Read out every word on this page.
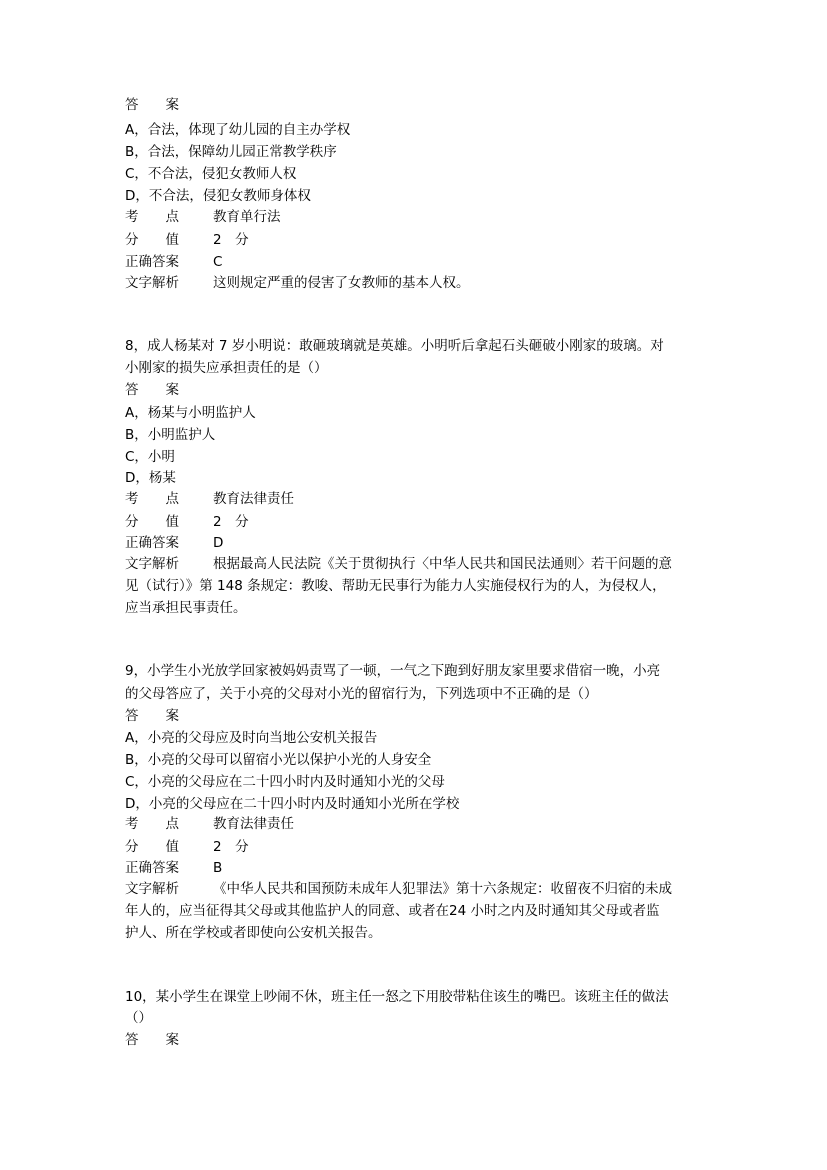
答　　案
A，合法，体现了幼儿园的自主办学权
B，合法，保障幼儿园正常教学秩序
C，不合法，侵犯女教师人权
D，不合法，侵犯女教师身体权
考　　点	教育单行法
分　　值	2　分
正确答案	C
文字解析	这则规定严重的侵害了女教师的基本人权。
8，成人杨某对 7 岁小明说：敢砸玻璃就是英雄。小明听后拿起石头砸破小刚家的玻璃。对
小刚家的损失应承担责任的是（）
答　　案
A，杨某与小明监护人
B，小明监护人
C，小明
D，杨某
考　　点	教育法律责任
分　　值	2　分
正确答案	D
文字解析	根据最高人民法院《关于贯彻执行〈中华人民共和国民法通则〉若干问题的意
见（试行）》第 148 条规定：教唆、帮助无民事行为能力人实施侵权行为的人，为侵权人，
应当承担民事责任。
9，小学生小光放学回家被妈妈责骂了一顿，一气之下跑到好朋友家里要求借宿一晚，小亮
的父母答应了，关于小亮的父母对小光的留宿行为，下列选项中不正确的是（）
答　　案
A，小亮的父母应及时向当地公安机关报告
B，小亮的父母可以留宿小光以保护小光的人身安全
C，小亮的父母应在二十四小时内及时通知小光的父母
D，小亮的父母应在二十四小时内及时通知小光所在学校
考　　点	教育法律责任
分　　值	2　分
正确答案	B
文字解析	《中华人民共和国预防未成年人犯罪法》第十六条规定：收留夜不归宿的未成
年人的，应当征得其父母或其他监护人的同意、或者在24 小时之内及时通知其父母或者监
护人、所在学校或者即使向公安机关报告。
10，某小学生在课堂上吵闹不休，班主任一怒之下用胶带粘住该生的嘴巴。该班主任的做法
（）
答　　案
